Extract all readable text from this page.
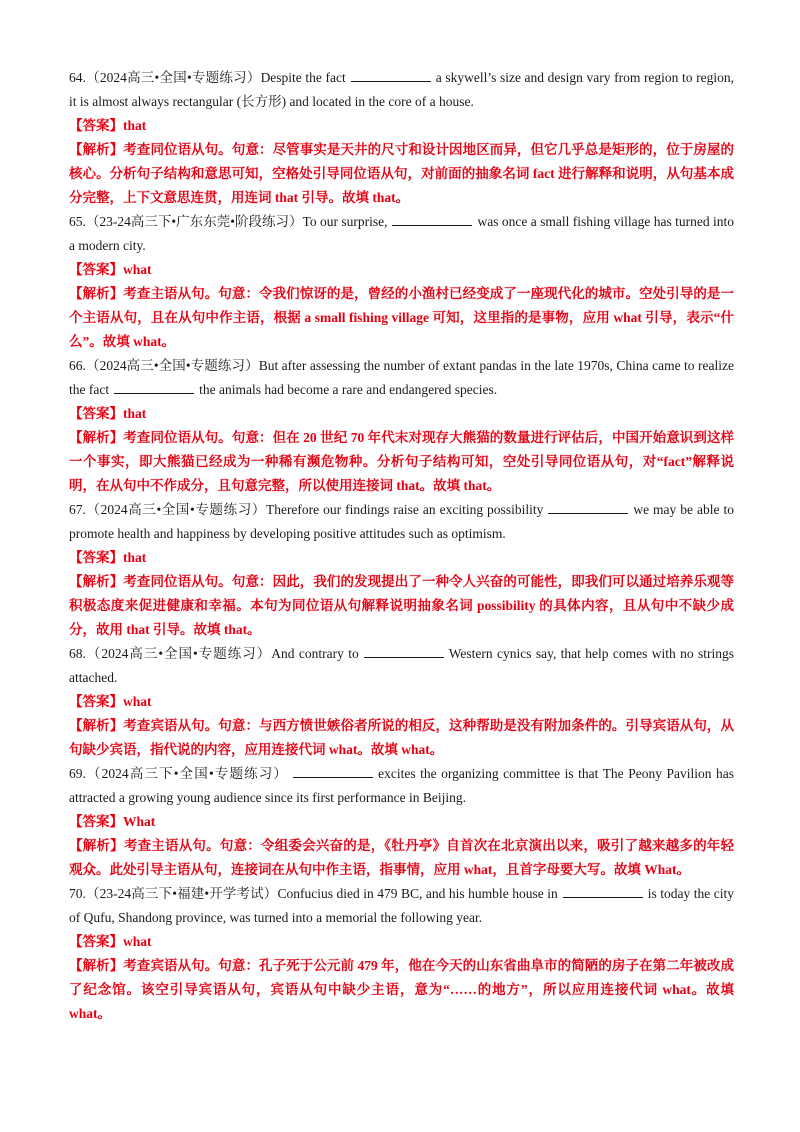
64.（2024高三•全国•专题练习）Despite the fact	a skywell’s size and design vary from region to region, it is almost always rectangular (长方形) and located in the core of a house.

【答案】that

【解析】考查同位语从句。句意：尽管事实是天井的尺寸和设计因地区而异，但它几乎总是矩形的，位于房屋的核心。分析句子结构和意思可知，空格处引导同位语从句，对前面的抽象名词 fact 进行解释和说明，从句基本成分完整，上下文意思连贯，用连词 that 引导。故填 that。

65.（23-24高三下•广东东莞•阶段练习）To our surprise,	was once a small fishing village has turned into a modern city.

【答案】what

【解析】考查主语从句。句意：令我们惊讶的是，曾经的小渔村已经变成了一座现代化的城市。空处引导的是一个主语从句，且在从句中作主语，根据 a small fishing village 可知，这里指的是事物，应用 what 引导，表示“什么”。故填 what。

66.（2024高三•全国•专题练习）But after assessing the number of extant pandas in the late 1970s, China came to realize the fact	the animals had become a rare and endangered species.

【答案】that

【解析】考查同位语从句。句意：但在 20 世纪 70 年代末对现存大熊猫的数量进行评估后，中国开始意识到这样一个事实，即大熊猫已经成为一种稀有濒危物种。分析句子结构可知，空处引导同位语从句，对“fact”解释说明，在从句中不作成分，且句意完整，所以使用连接词 that。故填 that。

67.（2024高三•全国•专题练习）Therefore our findings raise an exciting possibility	we may be able to promote health and happiness by developing positive attitudes such as optimism.

【答案】that

【解析】考查同位语从句。句意：因此，我们的发现提出了一种令人兴奋的可能性，即我们可以通过培养乐观等积极态度来促进健康和幸福。本句为同位语从句解释说明抽象名词 possibility 的具体内容，且从句中不缺少成分，故用 that 引导。故填 that。

68.（2024高三•全国•专题练习）And contrary to	Western cynics say, that help comes with no strings attached.

【答案】what

【解析】考查宾语从句。句意：与西方愤世嫉俗者所说的相反，这种帮助是没有附加条件的。引导宾语从句，从句缺少宾语，指代说的内容，应用连接代词 what。故填 what。

69.（2024高三下•全国•专题练习）	excites the organizing committee is that The Peony Pavilion has attracted a growing young audience since its first performance in Beijing.

【答案】What

【解析】考查主语从句。句意：令组委会兴奋的是，《牡丹亭》自首次在北京演出以来，吸引了越来越多的年轻观众。此处引导主语从句，连接词在从句中作主语，指事情，应用 what，且首字母要大写。故填 What。

70.（23-24高三下•福建•开学考试）Confucius died in 479 BC, and his humble house in	is today the city of Qufu, Shandong province, was turned into a memorial the following year.

【答案】what

【解析】考查宾语从句。句意：孔子死于公元前 479 年，他在今天的山东省曲阜市的简陋的房子在第二年被改成了纪念馆。该空引导宾语从句，宾语从句中缺少主语，意为“……的地方”，所以应用连接代词 what。故填 what。
